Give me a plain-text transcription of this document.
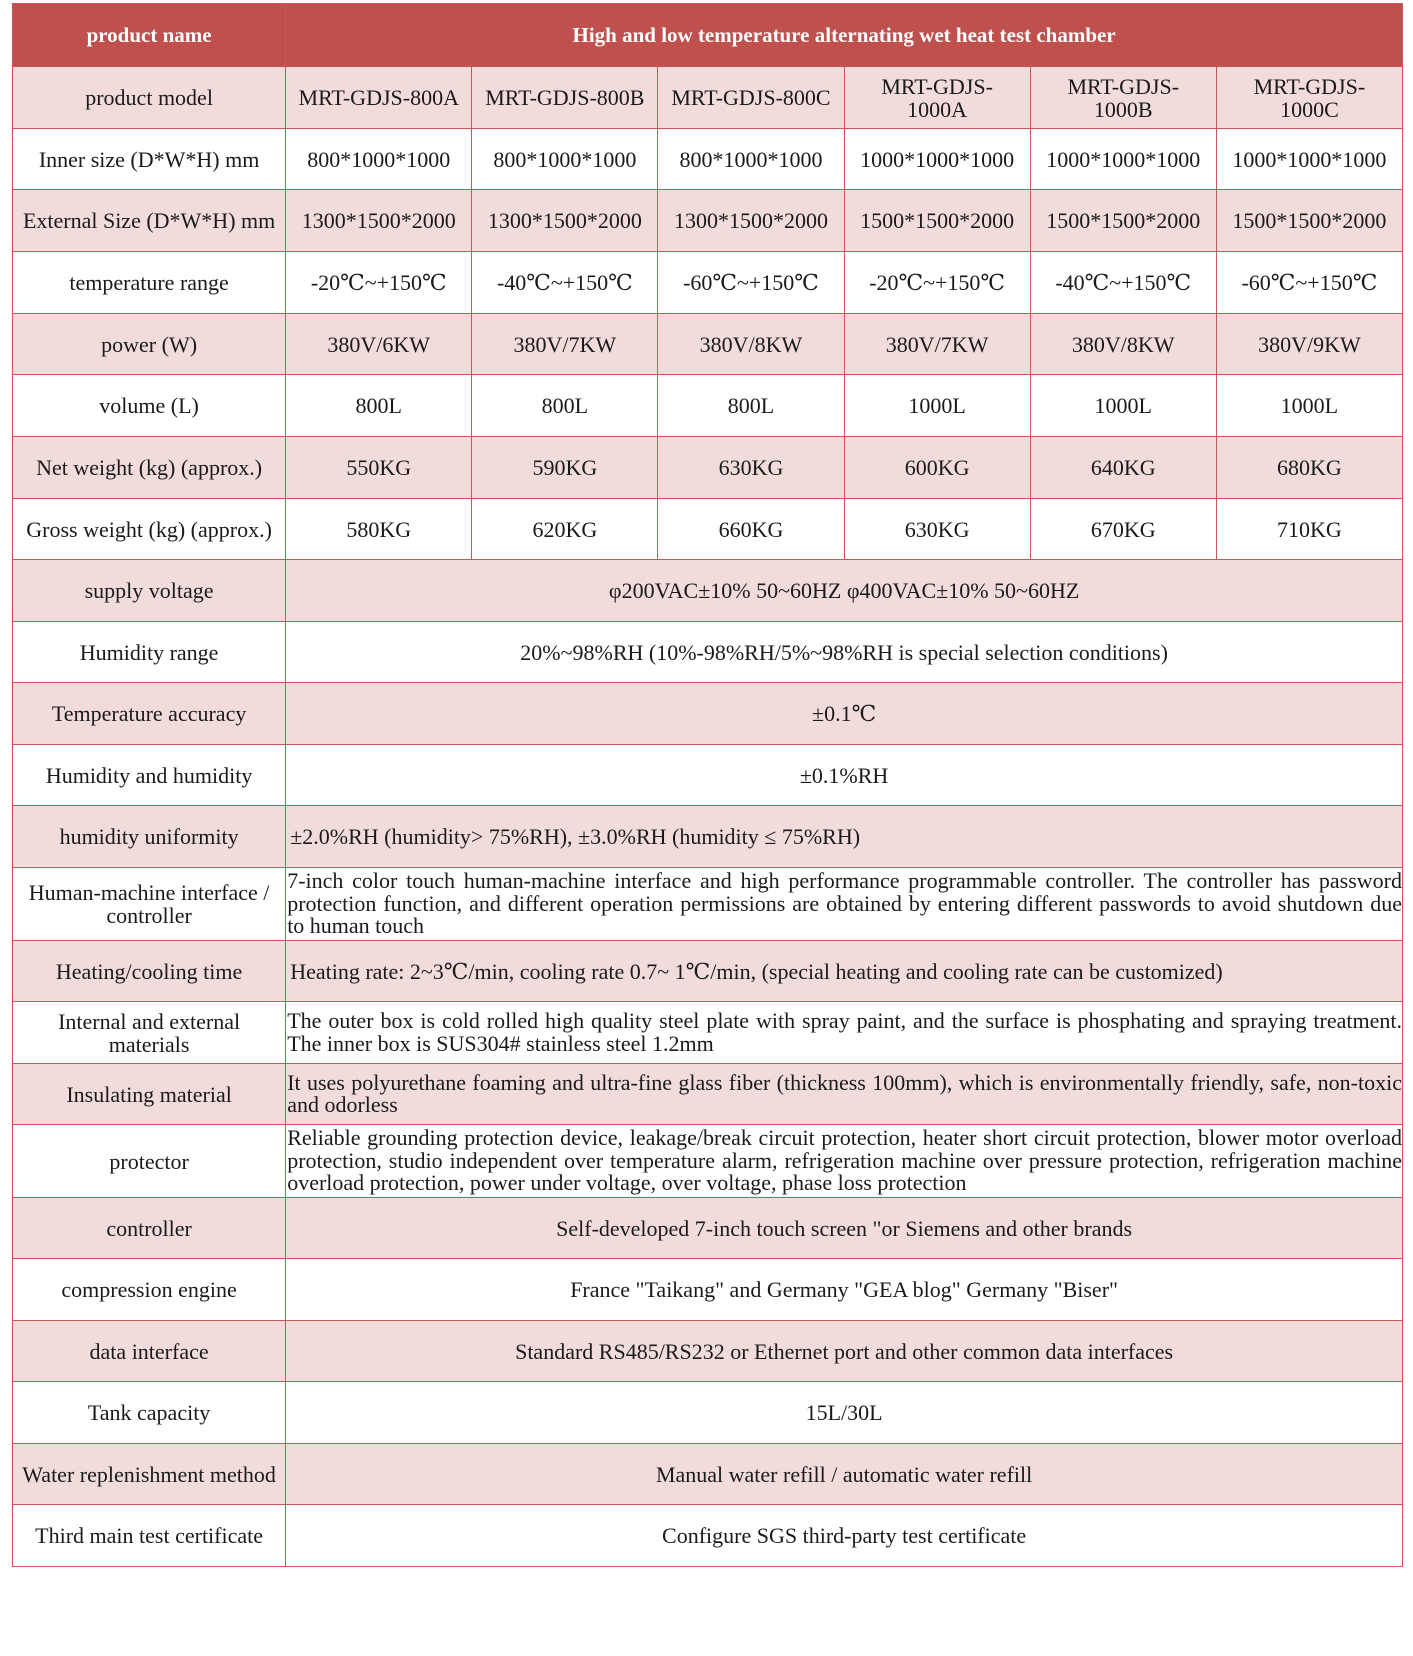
product name	High and low temperature alternating wet heat test chamber					
product model	MRT-GDJS-800A	MRT-GDJS-800B	MRT-GDJS-800C	MRT-GDJS-1000A	MRT-GDJS-1000B	MRT-GDJS-1000C
Inner size (D*W*H) mm	800*1000*1000	800*1000*1000	800*1000*1000	1000*1000*1000	1000*1000*1000	1000*1000*1000
External Size (D*W*H) mm	1300*1500*2000	1300*1500*2000	1300*1500*2000	1500*1500*2000	1500*1500*2000	1500*1500*2000
temperature range	-20℃~+150℃	-40℃~+150℃	-60℃~+150℃	-20℃~+150℃	-40℃~+150℃	-60℃~+150℃
power (W)	380V/6KW	380V/7KW	380V/8KW	380V/7KW	380V/8KW	380V/9KW
volume (L)	800L	800L	800L	1000L	1000L	1000L
Net weight (kg) (approx.)	550KG	590KG	630KG	600KG	640KG	680KG
Gross weight (kg) (approx.)	580KG	620KG	660KG	630KG	670KG	710KG
supply voltage	φ200VAC±10% 50~60HZ φ400VAC±10% 50~60HZ					
Humidity range	20%~98%RH (10%-98%RH/5%~98%RH is special selection conditions)					
Temperature accuracy	±0.1℃					
Humidity and humidity	±0.1%RH					
humidity uniformity	±2.0%RH (humidity> 75%RH), ±3.0%RH (humidity ≤ 75%RH)					
Human-machine interface / controller	7-inch color touch human-machine interface and high performance programmable controller. The controller has password protection function, and different operation permissions are obtained by entering different passwords to avoid shutdown due to human touch					
Heating/cooling time	Heating rate: 2~3℃/min, cooling rate 0.7~ 1℃/min, (special heating and cooling rate can be customized)					
Internal and external materials	The outer box is cold rolled high quality steel plate with spray paint, and the surface is phosphating and spraying treatment. The inner box is SUS304# stainless steel 1.2mm					
Insulating material	It uses polyurethane foaming and ultra-fine glass fiber (thickness 100mm), which is environmentally friendly, safe, non-toxic and odorless					
protector	Reliable grounding protection device, leakage/break circuit protection, heater short circuit protection, blower motor overload protection, studio independent over temperature alarm, refrigeration machine over pressure protection, refrigeration machine overload protection, power under voltage, over voltage, phase loss protection					
controller	Self-developed 7-inch touch screen "or Siemens and other brands					
compression engine	France "Taikang" and Germany "GEA blog" Germany "Biser"					
data interface	Standard RS485/RS232 or Ethernet port and other common data interfaces					
Tank capacity	15L/30L					
Water replenishment method	Manual water refill / automatic water refill					
Third main test certificate	Configure SGS third-party test certificate					
